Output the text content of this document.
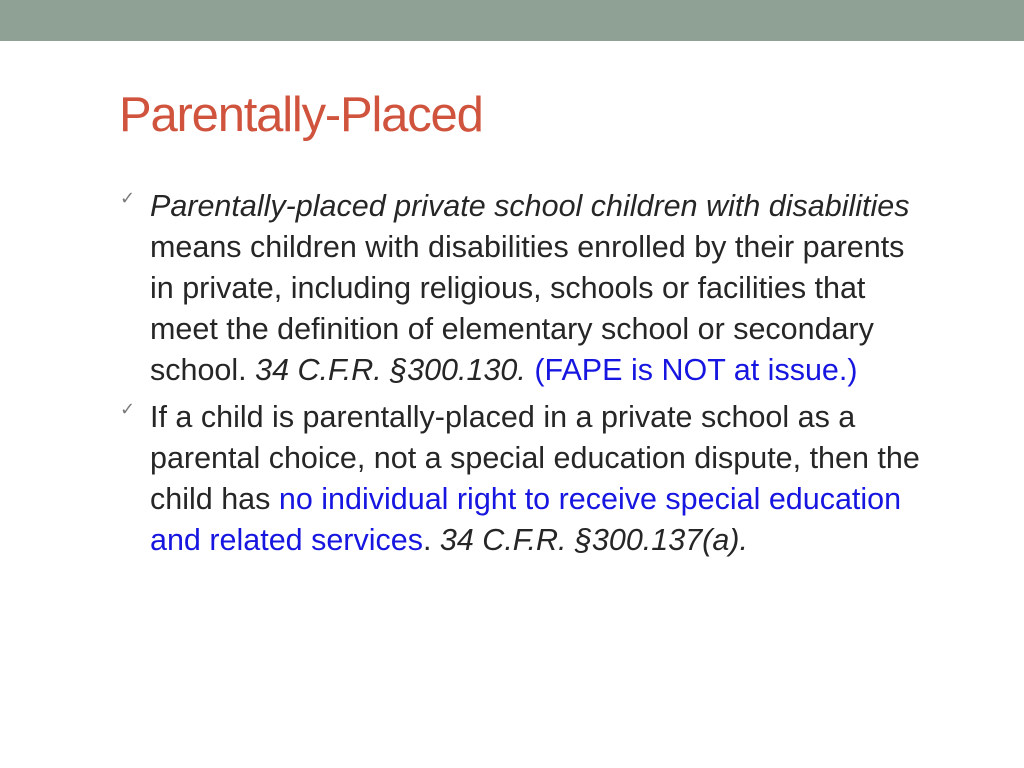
Parentally-Placed
✓ Parentally-placed private school children with disabilities means children with disabilities enrolled by their parents in private, including religious, schools or facilities that meet the definition of elementary school or secondary school. 34 C.F.R. §300.130. (FAPE is NOT at issue.)
✓ If a child is parentally-placed in a private school as a parental choice, not a special education dispute, then the child has no individual right to receive special education and related services. 34 C.F.R. §300.137(a).
